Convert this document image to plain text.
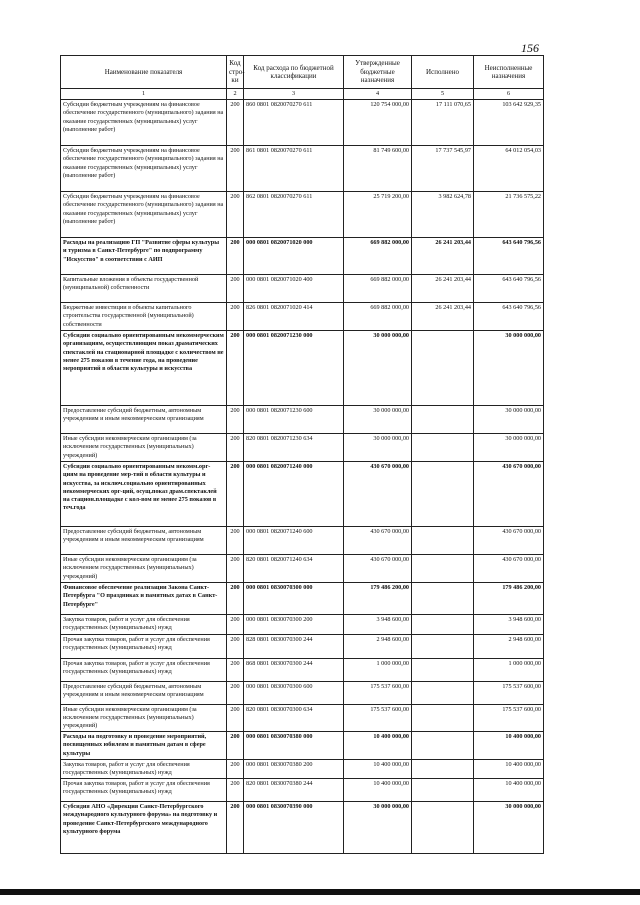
156
Наименование показателя	Код стро-ки	Код расхода по бюджетной классификации	Утвержденные бюджетные назначения	Исполнено	Неисполненные назначения
1	2	3	4	5	6
Субсидии бюджетным учреждениям на финансовое обеспечение государственного (муниципального) задания на оказание государственных (муниципальных) услуг (выполнение работ)	200	860 0801 0820070270 611	120 754 000,00	17 111 070,65	103 642 929,35
Субсидии бюджетным учреждениям на финансовое обеспечение государственного (муниципального) задания на оказание государственных (муниципальных) услуг (выполнение работ)	200	861 0801 0820070270 611	81 749 600,00	17 737 545,97	64 012 054,03
Субсидии бюджетным учреждениям на финансовое обеспечение государственного (муниципального) задания на оказание государственных (муниципальных) услуг (выполнение работ)	200	862 0801 0820070270 611	25 719 200,00	3 982 624,78	21 736 575,22
Расходы на реализацию ГП "Развитие сферы культуры и туризма в Санкт-Петербурге" по подпрограмму "Искусство" в соответствии с АИП	200	000 0801 0820071020 000	669 882 000,00	26 241 203,44	643 640 796,56
Капитальные вложения в объекты государственной (муниципальной) собственности	200	000 0801 0820071020 400	669 882 000,00	26 241 203,44	643 640 796,56
Бюджетные инвестиции в объекты капитального строительства государственной (муниципальной) собственности	200	826 0801 0820071020 414	669 882 000,00	26 241 203,44	643 640 796,56
Субсидии социально ориентированным некоммерческим организациям, осуществляющим показ драматических спектаклей на стационарной площадке с количеством не менее 275 показов в течение года, на проведение мероприятий в области культуры и искусства	200	000 0801 0820071230 000	30 000 000,00		30 000 000,00
Предоставление субсидий бюджетным, автономным учреждениям и иным некоммерческим организациям	200	000 0801 0820071230 600	30 000 000,00		30 000 000,00
Иные субсидии некоммерческим организациям (за исключением государственных (муниципальных) учреждений)	200	820 0801 0820071230 634	30 000 000,00		30 000 000,00
Субсидии социально ориентированным некомм.орг-циям на проведение мер-тий в области культуры и искусства, за исключ.социально ориентированных некоммерческих орг-ций, осущ.показ драм.спектаклей на стацион.площадке с кол-вом не менее 275 показов в теч.года	200	000 0801 0820071240 000	430 670 000,00		430 670 000,00
Предоставление субсидий бюджетным, автономным учреждениям и иным некоммерческим организациям	200	000 0801 0820071240 600	430 670 000,00		430 670 000,00
Иные субсидии некоммерческим организациям (за исключением государственных (муниципальных) учреждений)	200	820 0801 0820071240 634	430 670 000,00		430 670 000,00
Финансовое обеспечение реализации Закона Санкт-Петербурга "О праздниках и памятных датах в Санкт-Петербурге"	200	000 0801 0830070300 000	179 486 200,00		179 486 200,00
Закупка товаров, работ и услуг для обеспечения государственных (муниципальных) нужд	200	000 0801 0830070300 200	3 948 600,00		3 948 600,00
Прочая закупка товаров, работ и услуг для обеспечения государственных (муниципальных) нужд	200	828 0801 0830070300 244	2 948 600,00		2 948 600,00
Прочая закупка товаров, работ и услуг для обеспечения государственных (муниципальных) нужд	200	868 0801 0830070300 244	1 000 000,00		1 000 000,00
Предоставление субсидий бюджетным, автономным учреждениям и иным некоммерческим организациям	200	000 0801 0830070300 600	175 537 600,00		175 537 600,00
Иные субсидии некоммерческим организациям (за исключением государственных (муниципальных) учреждений)	200	820 0801 0830070300 634	175 537 600,00		175 537 600,00
Расходы на подготовку и проведение мероприятий, посвященных юбилеям и памятным датам в сфере культуры	200	000 0801 0830070380 000	10 400 000,00		10 400 000,00
Закупка товаров, работ и услуг для обеспечения государственных (муниципальных) нужд	200	000 0801 0830070380 200	10 400 000,00		10 400 000,00
Прочая закупка товаров, работ и услуг для обеспечения государственных (муниципальных) нужд	200	820 0801 0830070380 244	10 400 000,00		10 400 000,00
Субсидия АНО «Дирекция Санкт-Петербургского международного культурного форума» на подготовку и проведение Санкт-Петербургского международного культурного форума	200	000 0801 0830070390 000	30 000 000,00		30 000 000,00
